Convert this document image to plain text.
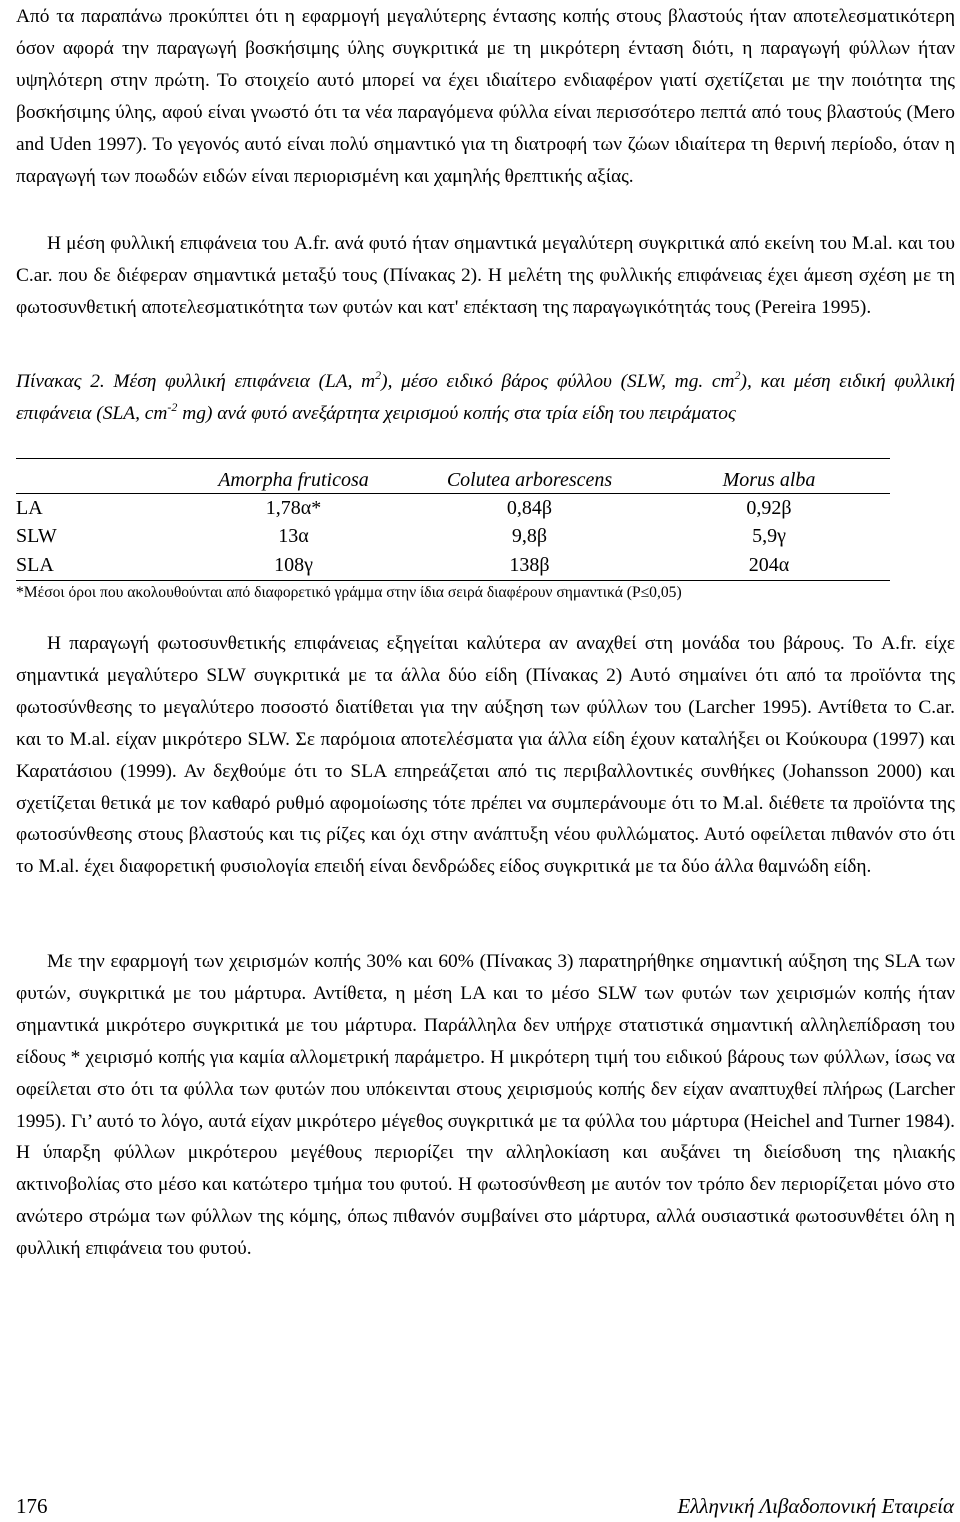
Από τα παραπάνω προκύπτει ότι η εφαρμογή μεγαλύτερης έντασης κοπής στους βλαστούς ήταν αποτελεσματικότερη όσον αφορά την παραγωγή βοσκήσιμης ύλης συγκριτικά με τη μικρότερη ένταση διότι, η παραγωγή φύλλων ήταν υψηλότερη στην πρώτη. Το στοιχείο αυτό μπορεί να έχει ιδιαίτερο ενδιαφέρον γιατί σχετίζεται με την ποιότητα της βοσκήσιμης ύλης, αφού είναι γνωστό ότι τα νέα παραγόμενα φύλλα είναι περισσότερο πεπτά από τους βλαστούς (Mero and Uden 1997). Το γεγονός αυτό είναι πολύ σημαντικό για τη διατροφή των ζώων ιδιαίτερα τη θερινή περίοδο, όταν η παραγωγή των ποωδών ειδών είναι περιορισμένη και χαμηλής θρεπτικής αξίας.

Η μέση φυλλική επιφάνεια του A.fr. ανά φυτό ήταν σημαντικά μεγαλύτερη συγκριτικά από εκείνη του M.al. και του C.ar. που δε διέφεραν σημαντικά μεταξύ τους (Πίνακας 2). Η μελέτη της φυλλικής επιφάνειας έχει άμεση σχέση με τη φωτοσυνθετική αποτελεσματικότητα των φυτών και κατ' επέκταση της παραγωγικότητάς τους (Pereira 1995).

Πίνακας 2. Μέση φυλλική επιφάνεια (LA, $m^2$), μέσο ειδικό βάρος φύλλου (SLW, mg. $cm^2$), και μέση ειδική φυλλική επιφάνεια (SLA, $cm^{-2}$ mg) ανά φυτό ανεξάρτητα χειρισμού κοπής στα τρία είδη του πειράματος

	Amorpha fruticosa	Colutea arborescens	Morus alba
LA	1,78α*	0,84β	0,92β
SLW	13α	9,8β	5,9γ
SLA	108γ	138β	204α
*Μέσοι όροι που ακολουθούνται από διαφορετικό γράμμα στην ίδια σειρά διαφέρουν σημαντικά (P≤0,05)

Η παραγωγή φωτοσυνθετικής επιφάνειας εξηγείται καλύτερα αν αναχθεί στη μονάδα του βάρους. Το A.fr. είχε σημαντικά μεγαλύτερο SLW συγκριτικά με τα άλλα δύο είδη (Πίνακας 2) Αυτό σημαίνει ότι από τα προϊόντα της φωτοσύνθεσης το μεγαλύτερο ποσοστό διατίθεται για την αύξηση των φύλλων του (Larcher 1995). Αντίθετα το C.ar. και το M.al. είχαν μικρότερο SLW. Σε παρόμοια αποτελέσματα για άλλα είδη έχουν καταλήξει οι Κούκουρα (1997) και Καρατάσιου (1999). Αν δεχθούμε ότι το SLA επηρεάζεται από τις περιβαλλοντικές συνθήκες (Johansson 2000) και σχετίζεται θετικά με τον καθαρό ρυθμό αφομοίωσης τότε πρέπει να συμπεράνουμε ότι το M.al. διέθετε τα προϊόντα της φωτοσύνθεσης στους βλαστούς και τις ρίζες και όχι στην ανάπτυξη νέου φυλλώματος. Αυτό οφείλεται πιθανόν στο ότι το M.al. έχει διαφορετική φυσιολογία επειδή είναι δενδρώδες είδος συγκριτικά με τα δύο άλλα θαμνώδη είδη.

Με την εφαρμογή των χειρισμών κοπής 30% και 60% (Πίνακας 3) παρατηρήθηκε σημαντική αύξηση της SLA των φυτών, συγκριτικά με του μάρτυρα. Αντίθετα, η μέση LA και το μέσο SLW των φυτών των χειρισμών κοπής ήταν σημαντικά μικρότερο συγκριτικά με του μάρτυρα. Παράλληλα δεν υπήρχε στατιστικά σημαντική αλληλεπίδραση του είδους * χειρισμό κοπής για καμία αλλομετρική παράμετρο. Η μικρότερη τιμή του ειδικού βάρους των φύλλων, ίσως να οφείλεται στο ότι τα φύλλα των φυτών που υπόκεινται στους χειρισμούς κοπής δεν είχαν αναπτυχθεί πλήρως (Larcher 1995). Γι’ αυτό το λόγο, αυτά είχαν μικρότερο μέγεθος συγκριτικά με τα φύλλα του μάρτυρα (Heichel and Turner 1984). Η ύπαρξη φύλλων μικρότερου μεγέθους περιορίζει την αλληλοκίαση και αυξάνει τη διείσδυση της ηλιακής ακτινοβολίας στο μέσο και κατώτερο τμήμα του φυτού. Η φωτοσύνθεση με αυτόν τον τρόπο δεν περιορίζεται μόνο στο ανώτερο στρώμα των φύλλων της κόμης, όπως πιθανόν συμβαίνει στο μάρτυρα, αλλά ουσιαστικά φωτοσυνθέτει όλη η φυλλική επιφάνεια του φυτού.

176	Ελληνική Λιβαδοπονική Εταιρεία
